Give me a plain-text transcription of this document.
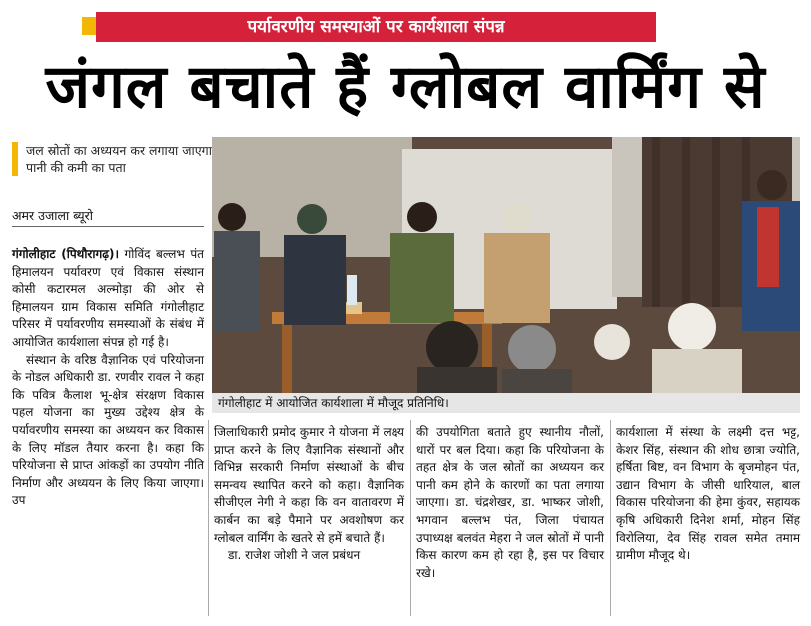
पर्यावरणीय समस्याओं पर कार्यशाला संपन्न
जंगल बचाते हैं ग्लोबल वार्मिंग से

जल स्रोतों का अध्ययन कर लगाया जाएगा पानी की कमी का पता

अमर उजाला ब्यूरो

गंगोलीहाट (पिथौरागढ़)। गोविंद बल्लभ पंत हिमालयन पर्यावरण एवं विकास संस्थान कोसी कटारमल अल्मोड़ा की ओर से हिमालयन ग्राम विकास समिति गंगोलीहाट परिसर में पर्यावरणीय समस्याओं के संबंध में आयोजित कार्यशाला संपन्न हो गई है।

संस्थान के वरिष्ठ वैज्ञानिक एवं परियोजना के नोडल अधिकारी डा. रणवीर रावल ने कहा कि पवित्र कैलाश भू-क्षेत्र संरक्षण विकास पहल योजना का मुख्य उद्देश्य क्षेत्र के पर्यावरणीय समस्या का अध्ययन कर विकास के लिए मॉडल तैयार करना है। कहा कि परियोजना से प्राप्त आंकड़ों का उपयोग नीति निर्माण और अध्ययन के लिए किया जाएगा। उप

गंगोलीहाट में आयोजित कार्यशाला में मौजूद प्रतिनिधि।

जिलाधिकारी प्रमोद कुमार ने योजना में लक्ष्य प्राप्त करने के लिए वैज्ञानिक संस्थानों और विभिन्न सरकारी निर्माण संस्थाओं के बीच समन्वय स्थापित करने को कहा। वैज्ञानिक सीजीएल नेगी ने कहा कि वन वातावरण में कार्बन का बड़े पैमाने पर अवशोषण कर ग्लोबल वार्मिंग के खतरे से हमें बचाते हैं।

डा. राजेश जोशी ने जल प्रबंधन

की उपयोगिता बताते हुए स्थानीय नौलों, धारों पर बल दिया। कहा कि परियोजना के तहत क्षेत्र के जल स्रोतों का अध्ययन कर पानी कम होने के कारणों का पता लगाया जाएगा। डा. चंद्रशेखर, डा. भाष्कर जोशी, भगवान बल्लभ पंत, जिला पंचायत उपाध्यक्ष बलवंत मेहरा ने जल स्रोतों में पानी किस कारण कम हो रहा है, इस पर विचार रखे।

कार्यशाला में संस्था के लक्ष्मी दत्त भट्ट, केशर सिंह, संस्थान की शोध छात्रा ज्योति, हर्षिता बिष्ट, वन विभाग के बृजमोहन पंत, उद्यान विभाग के जीसी धारियाल, बाल विकास परियोजना की हेमा कुंवर, सहायक कृषि अधिकारी दिनेश शर्मा, मोहन सिंह विरोलिया, देव सिंह रावल समेत तमाम ग्रामीण मौजूद थे।
